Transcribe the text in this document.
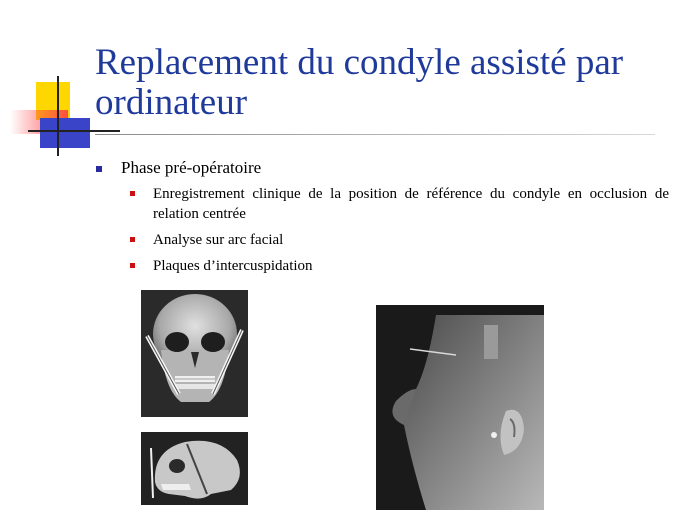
Replacement du condyle assisté par ordinateur
Phase pré-opératoire
Enregistrement clinique de la position de référence du condyle en occlusion de relation centrée
Analyse sur arc facial
Plaques d’intercuspidation
